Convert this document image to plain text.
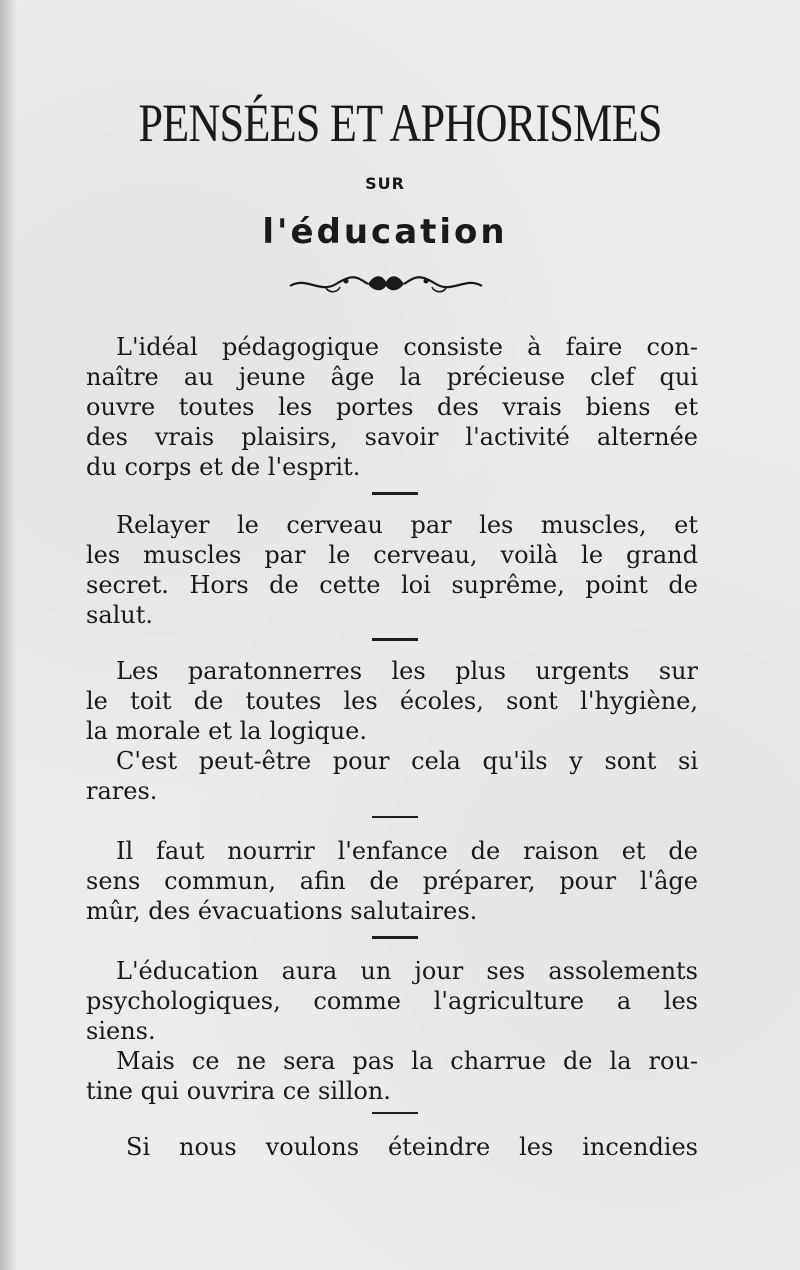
PENSÉES ET APHORISMES
SUR
l'éducation
L'idéal pédagogique consiste à faire con-
naître au jeune âge la précieuse clef qui
ouvre toutes les portes des vrais biens et
des vrais plaisirs, savoir l'activité alternée
du corps et de l'esprit.
Relayer le cerveau par les muscles, et
les muscles par le cerveau, voilà le grand
secret. Hors de cette loi suprême, point de
salut.
Les paratonnerres les plus urgents sur
le toit de toutes les écoles, sont l'hygiène,
la morale et la logique.
C'est peut-être pour cela qu'ils y sont si
rares.
Il faut nourrir l'enfance de raison et de
sens commun, afin de préparer, pour l'âge
mûr, des évacuations salutaires.
L'éducation aura un jour ses assolements
psychologiques, comme l'agriculture a les
siens.
Mais ce ne sera pas la charrue de la rou-
tine qui ouvrira ce sillon.
Si nous voulons éteindre les incendies
